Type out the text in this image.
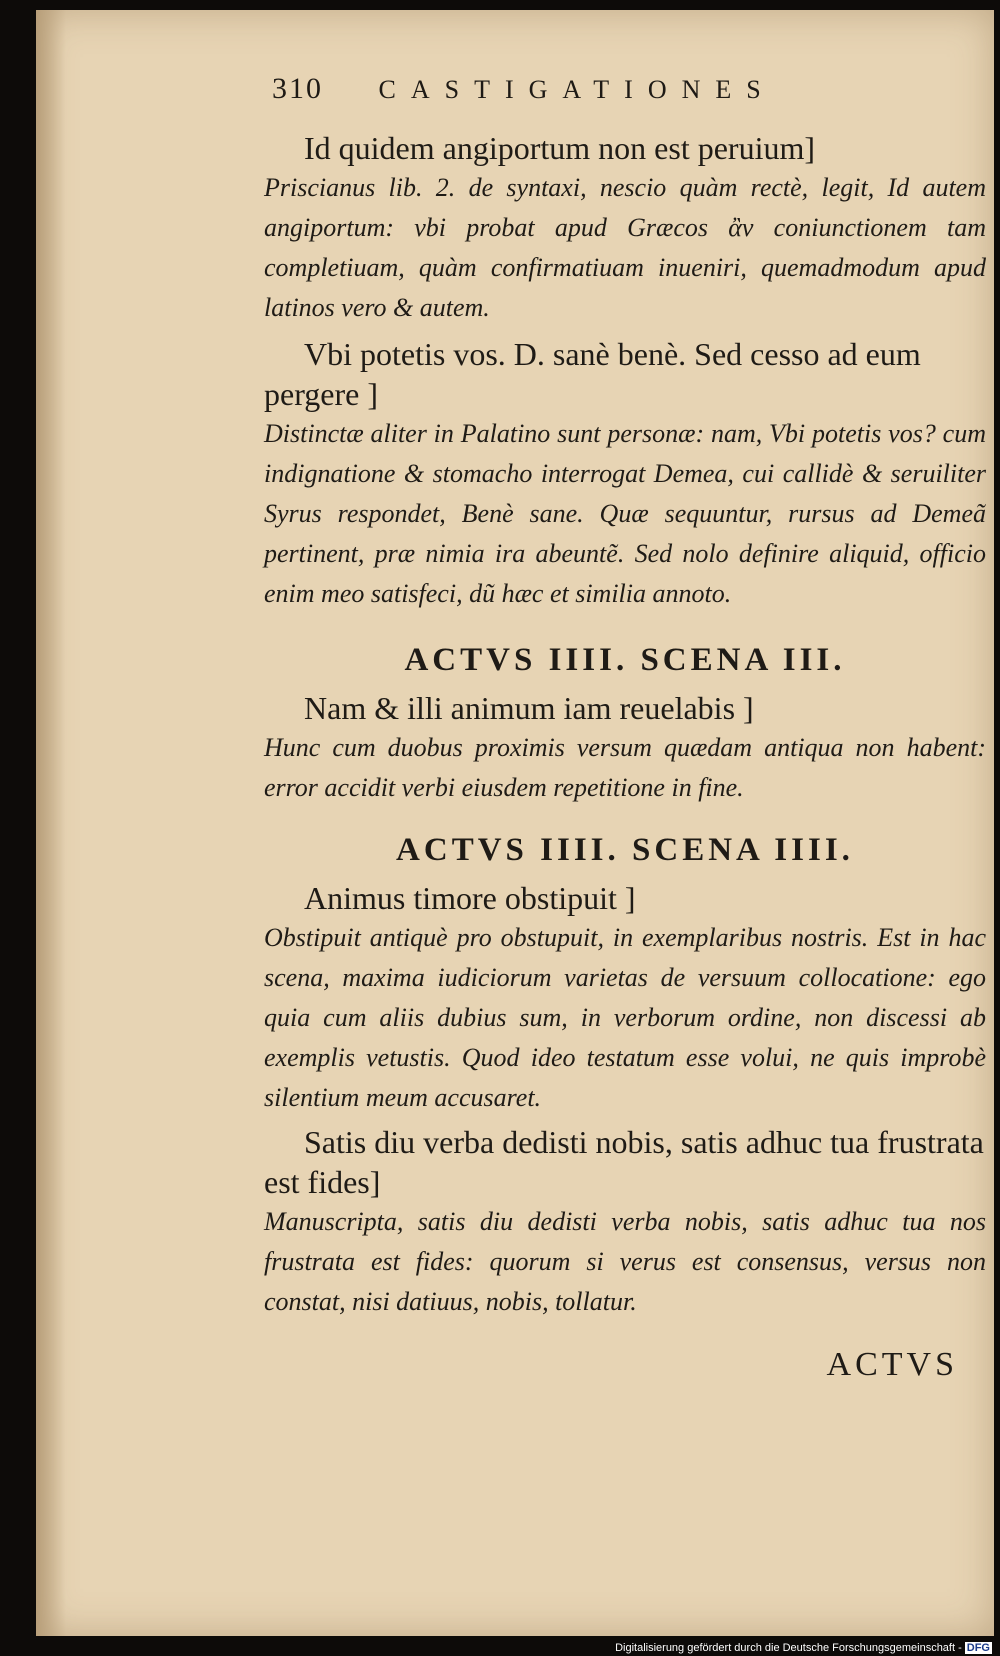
310 CASTIGATIONES

Id quidem angiportum non est peruium]
Priscianus lib. 2. de syntaxi, nescio quàm rectè, legit, Id autem angiportum: vbi probat apud Græcos ἂν coniunctionem tam completiuam, quàm confirmatiuam inueniri, quemadmodum apud latinos vero & autem.

Vbi potetis vos. D. sanè benè. Sed cesso ad eum pergere ]
Distinctæ aliter in Palatino sunt personæ: nam, Vbi potetis vos? cum indignatione & stomacho interrogat Demea, cui callidè & seruiliter Syrus respondet, Benè sane. Quæ sequuntur, rursus ad Demeã pertinent, præ nimia ira abeuntẽ. Sed nolo definire aliquid, officio enim meo satisfeci, dũ hæc et similia annoto.

ACTVS IIII. SCENA III.

Nam & illi animum iam reuelabis ]
Hunc cum duobus proximis versum quædam antiqua non habent: error accidit verbi eiusdem repetitione in fine.

ACTVS IIII. SCENA IIII.

Animus timore obstipuit ]
Obstipuit antiquè pro obstupuit, in exemplaribus nostris. Est in hac scena, maxima iudiciorum varietas de versuum collocatione: ego quia cum aliis dubius sum, in verborum ordine, non discessi ab exemplis vetustis. Quod ideo testatum esse volui, ne quis improbè silentium meum accusaret.

Satis diu verba dedisti nobis, satis adhuc tua frustrata est fides]
Manuscripta, satis diu dedisti verba nobis, satis adhuc tua nos frustrata est fides: quorum si verus est consensus, versus non constat, nisi datiuus, nobis, tollatur.

ACTVS
Digitalisierung gefördert durch die Deutsche Forschungsgemeinschaft - DFG
